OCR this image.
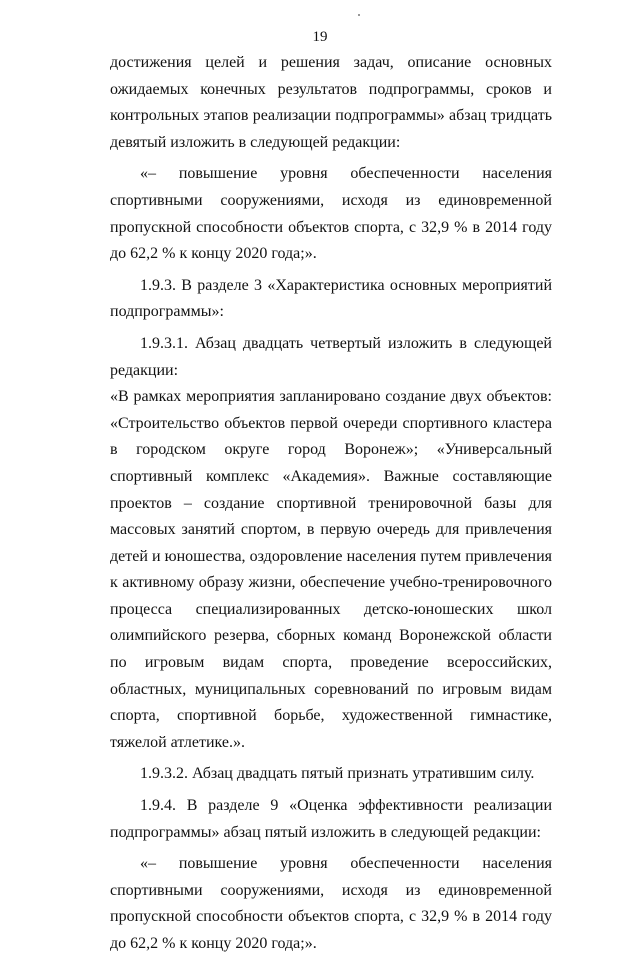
19

достижения целей и решения задач, описание основных ожидаемых конечных результатов подпрограммы, сроков и контрольных этапов реализации подпрограммы» абзац тридцать девятый изложить в следующей редакции:

«– повышение уровня обеспеченности населения спортивными сооружениями, исходя из единовременной пропускной способности объектов спорта, с 32,9 % в 2014 году до 62,2 % к концу 2020 года;».

1.9.3. В разделе 3 «Характеристика основных мероприятий подпрограммы»:

1.9.3.1. Абзац двадцать четвертый изложить в следующей редакции:

«В рамках мероприятия запланировано создание двух объектов: «Строительство объектов первой очереди спортивного кластера в городском округе город Воронеж»; «Универсальный спортивный комплекс «Академия». Важные составляющие проектов – создание спортивной тренировочной базы для массовых занятий спортом, в первую очередь для привлечения детей и юношества, оздоровление населения путем привлечения к активному образу жизни, обеспечение учебно-тренировочного процесса специализированных детско-юношеских школ олимпийского резерва, сборных команд Воронежской области по игровым видам спорта, проведение всероссийских, областных, муниципальных соревнований по игровым видам спорта, спортивной борьбе, художественной гимнастике, тяжелой атлетике.».

1.9.3.2. Абзац двадцать пятый признать утратившим силу.

1.9.4. В разделе 9 «Оценка эффективности реализации подпрограммы» абзац пятый изложить в следующей редакции:

«– повышение уровня обеспеченности населения спортивными сооружениями, исходя из единовременной пропускной способности объектов спорта, с 32,9 % в 2014 году до 62,2 % к концу 2020 года;».
